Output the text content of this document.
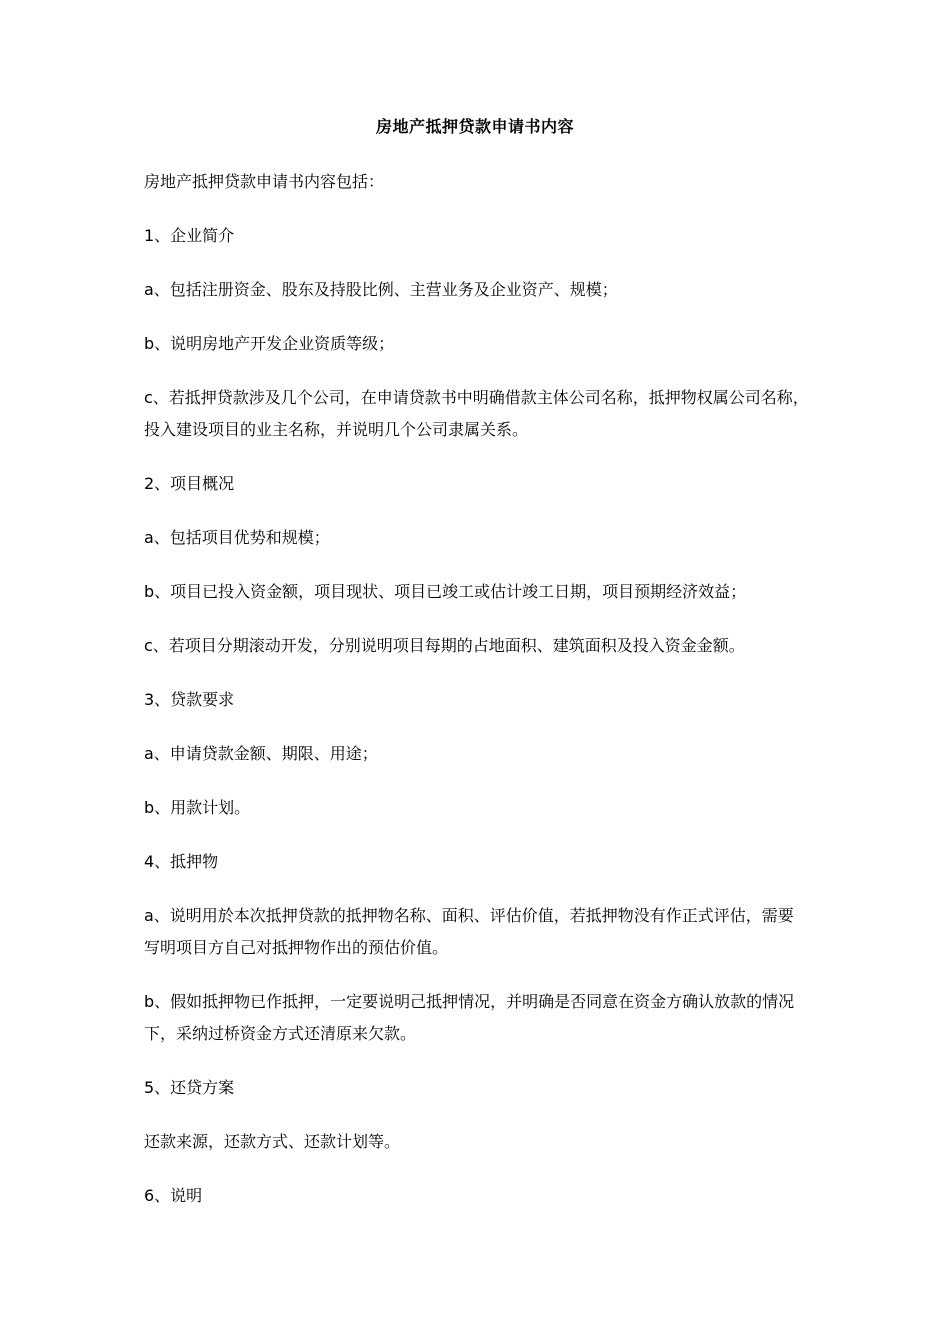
房地产抵押贷款申请书内容
房地产抵押贷款申请书内容包括：
1、企业简介
a、包括注册资金、股东及持股比例、主营业务及企业资产、规模；
b、说明房地产开发企业资质等级；
c、若抵押贷款涉及几个公司，在申请贷款书中明确借款主体公司名称，抵押物权属公司名称，投入建设项目的业主名称，并说明几个公司隶属关系。
2、项目概况
a、包括项目优势和规模；
b、项目已投入资金额，项目现状、项目已竣工或估计竣工日期，项目预期经济效益；
c、若项目分期滚动开发，分别说明项目每期的占地面积、建筑面积及投入资金金额。
3、贷款要求
a、申请贷款金额、期限、用途；
b、用款计划。
4、抵押物
a、说明用於本次抵押贷款的抵押物名称、面积、评估价值，若抵押物没有作正式评估，需要写明项目方自己对抵押物作出的预估价值。
b、假如抵押物已作抵押，一定要说明己抵押情况，并明确是否同意在资金方确认放款的情况下，采纳过桥资金方式还清原来欠款。
5、还贷方案
还款来源，还款方式、还款计划等。
6、说明
